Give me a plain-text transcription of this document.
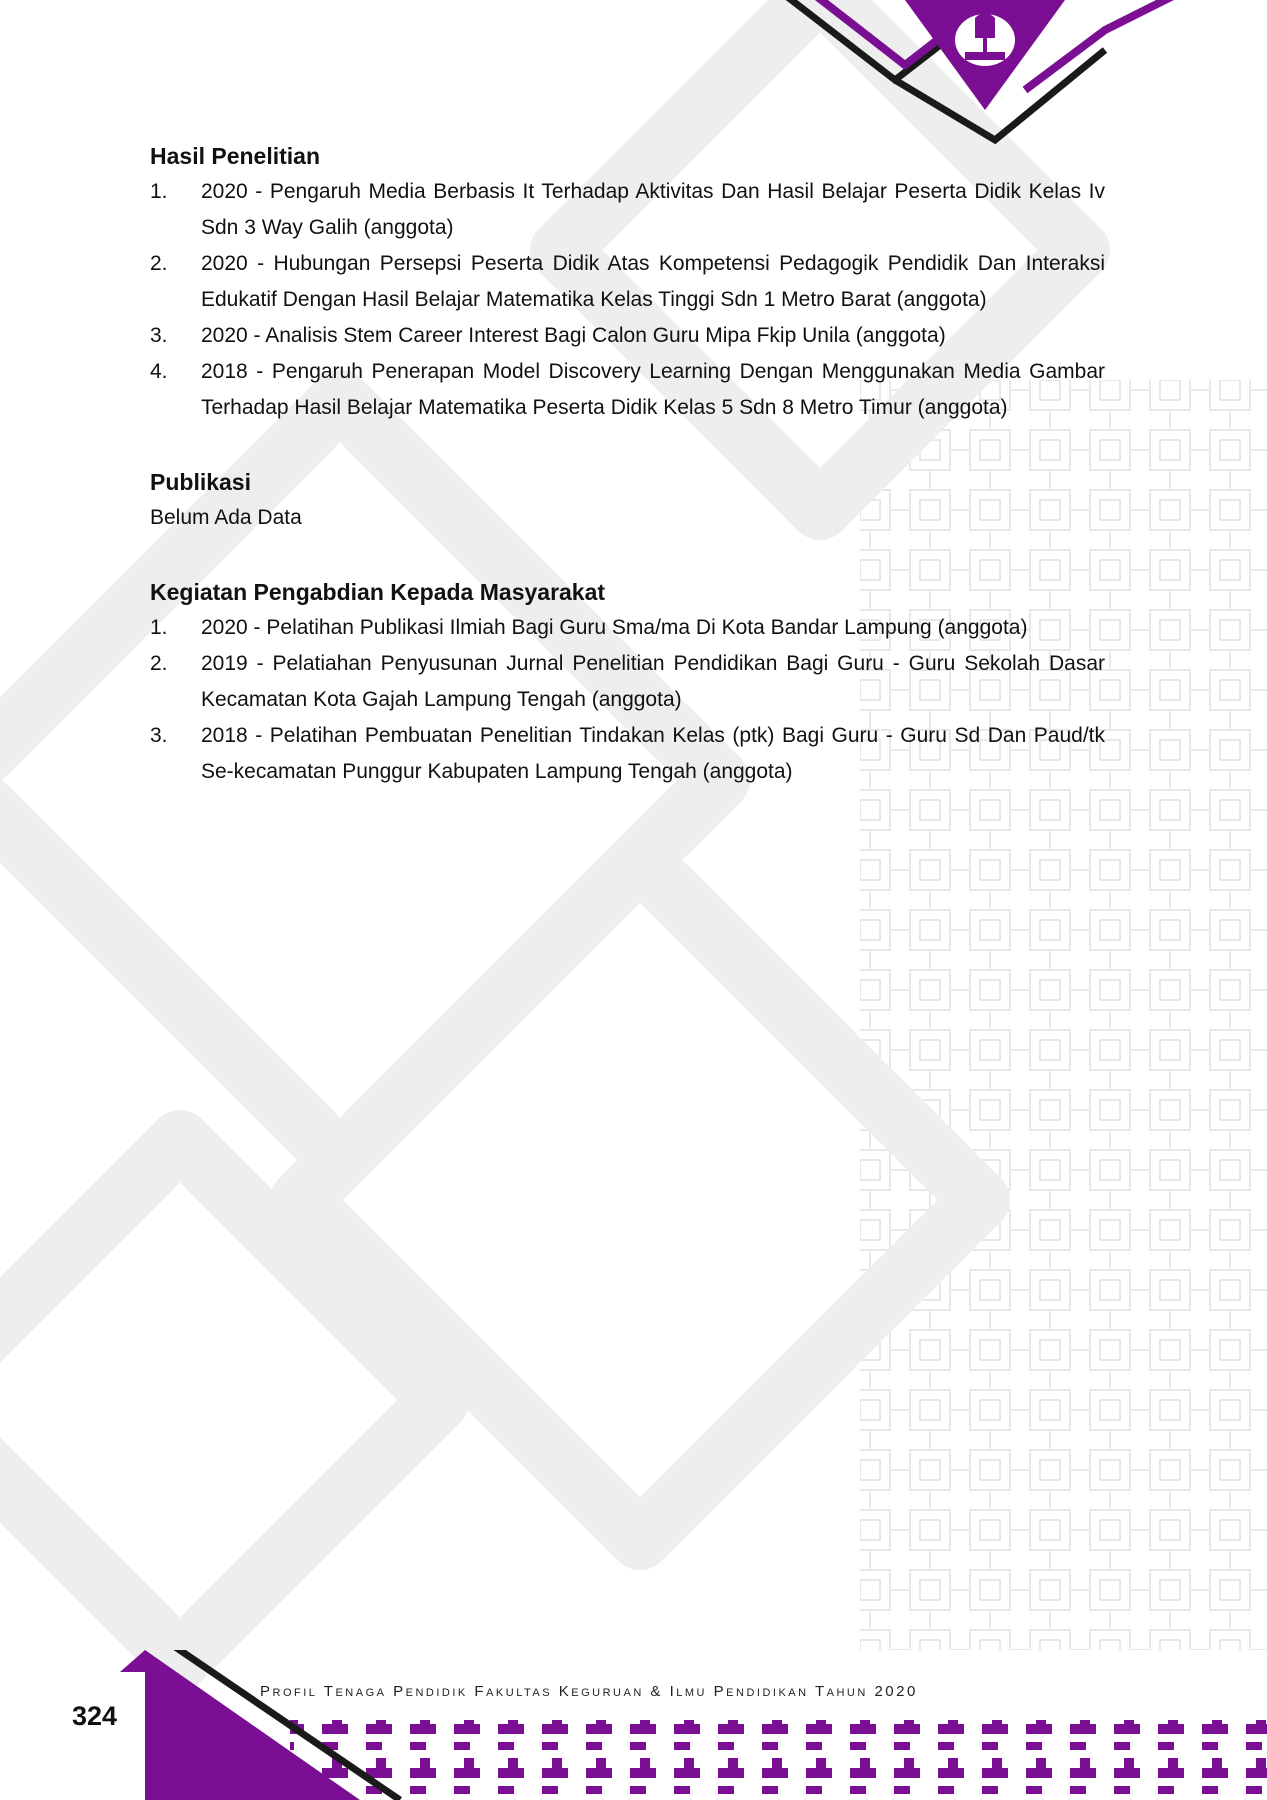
Hasil Penelitian
1.	2020 - Pengaruh Media Berbasis It Terhadap Aktivitas Dan Hasil Belajar Peserta Didik Kelas Iv Sdn 3 Way Galih (anggota)
2.	2020 - Hubungan Persepsi Peserta Didik Atas Kompetensi Pedagogik Pendidik Dan Interaksi Edukatif Dengan Hasil Belajar Matematika Kelas Tinggi Sdn 1 Metro Barat (anggota)
3.	2020 - Analisis Stem Career Interest Bagi Calon Guru Mipa Fkip Unila (anggota)
4.	2018 - Pengaruh Penerapan Model Discovery Learning Dengan Menggunakan Media Gambar Terhadap Hasil Belajar Matematika Peserta Didik Kelas 5 Sdn 8 Metro Timur (anggota)
Publikasi
Belum Ada Data
Kegiatan Pengabdian Kepada Masyarakat
1.	2020 - Pelatihan Publikasi Ilmiah Bagi Guru Sma/ma Di Kota Bandar Lampung (anggota)
2.	2019 - Pelatiahan Penyusunan Jurnal Penelitian Pendidikan Bagi Guru - Guru Sekolah Dasar Kecamatan Kota Gajah Lampung Tengah (anggota)
3.	2018 - Pelatihan Pembuatan Penelitian Tindakan Kelas (ptk) Bagi Guru - Guru Sd Dan Paud/tk Se-kecamatan Punggur Kabupaten Lampung Tengah (anggota)
324
Profil Tenaga Pendidik Fakultas Keguruan & Ilmu Pendidikan Tahun 2020
